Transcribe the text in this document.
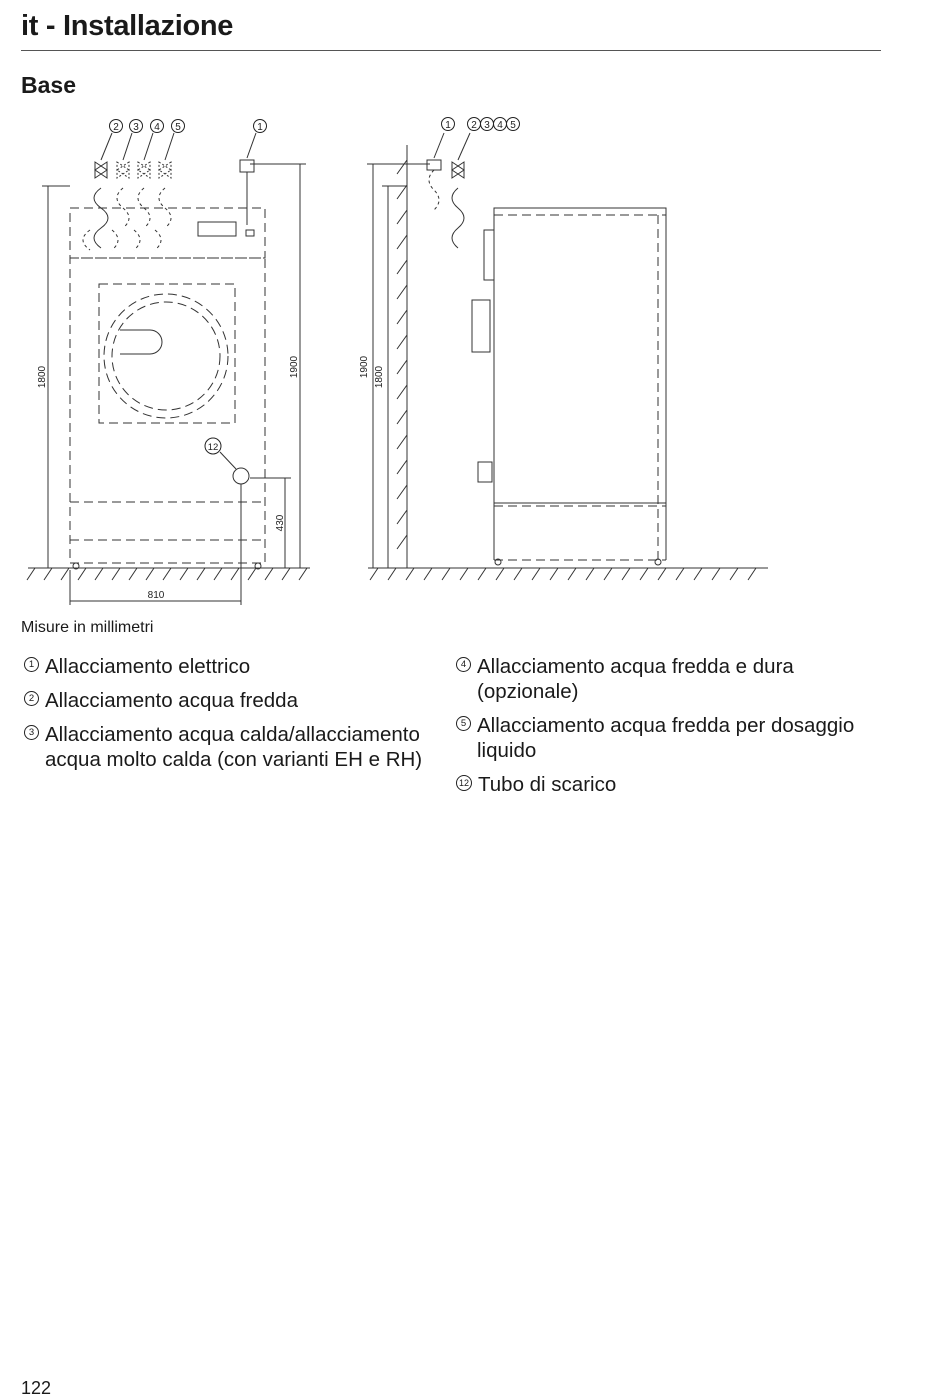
it - Installazione
Base
2 3 4 5	1
12
1 2 3 4 5
1800	1900
430
810
1900 1800
Misure in millimetri
1 Allacciamento elettrico
2 Allacciamento acqua fredda
3 Allacciamento acqua calda/allacciamento acqua molto calda (con varianti EH e RH)
4 Allacciamento acqua fredda e dura (opzionale)
5 Allacciamento acqua fredda per dosaggio liquido
12 Tubo di scarico
122
